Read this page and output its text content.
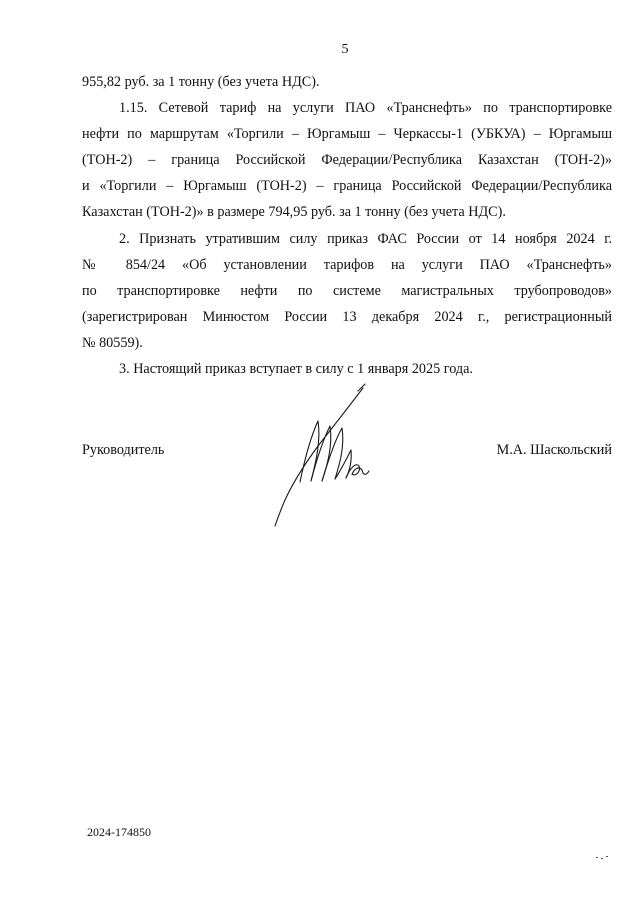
5
955,82 руб. за 1 тонну (без учета НДС).
1.15. Сетевой тариф на услуги ПАО «Транснефть» по транспортировке
нефти по маршрутам «Торгили – Юргамыш – Черкассы-1 (УБКУА) – Юргамыш
(ТОН-2) – граница Российской Федерации/Республика Казахстан (ТОН-2)»
и «Торгили – Юргамыш (ТОН-2) – граница Российской Федерации/Республика
Казахстан (ТОН-2)» в размере 794,95 руб. за 1 тонну (без учета НДС).
2. Признать утратившим силу приказ ФАС России от 14 ноября 2024 г.
№ 854/24 «Об установлении тарифов на услуги ПАО «Транснефть»
по транспортировке нефти по системе магистральных трубопроводов»
(зарегистрирован Минюстом России 13 декабря 2024 г., регистрационный
№ 80559).
3. Настоящий приказ вступает в силу с 1 января 2025 года.
Руководитель	М.А. Шаскольский
2024-174850
